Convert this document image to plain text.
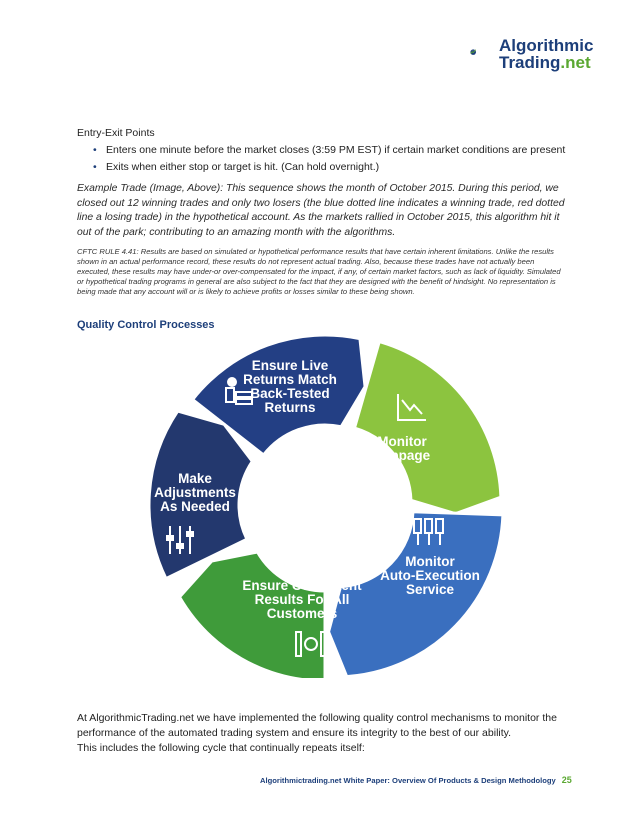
Algorithmic
Trading.net
Entry-Exit Points
• Enters one minute before the market closes (3:59 PM EST) if certain market conditions are present
• Exits when either stop or target is hit. (Can hold overnight.)
Example Trade (Image, Above): This sequence shows the month of October 2015. During this period, we closed out 12 winning trades and only two losers (the blue dotted line indicates a winning trade, red dotted line a losing trade) in the hypothetical account. As the markets rallied in October 2015, this algorithm hit it out of the park; contributing to an amazing month with the algorithms.
CFTC RULE 4.41: Results are based on simulated or hypothetical performance results that have certain inherent limitations. Unlike the results shown in an actual performance record, these results do not represent actual trading. Also, because these trades have not actually been executed, these results may have under-or over-compensated for the impact, if any, of certain market factors, such as lack of liquidity. Simulated or hypothetical trading programs in general are also subject to the fact that they are designed with the benefit of hindsight. No representation is being made that any account will or is likely to achieve profits or losses similar to these being shown.
Quality Control Processes
Ensure Live Returns Match Back-Tested Returns
Monitor Slippage
Monitor Auto-Execution Service
Ensure Consistent Results For All Customers
Make Adjustments As Needed
At AlgorithmicTrading.net we have implemented the following quality control mechanisms to monitor the
performance of the automated trading system and ensure its integrity to the best of our ability.
This includes the following cycle that continually repeats itself:
Algorithmictrading.net White Paper: Overview Of Products & Design Methodology 25
